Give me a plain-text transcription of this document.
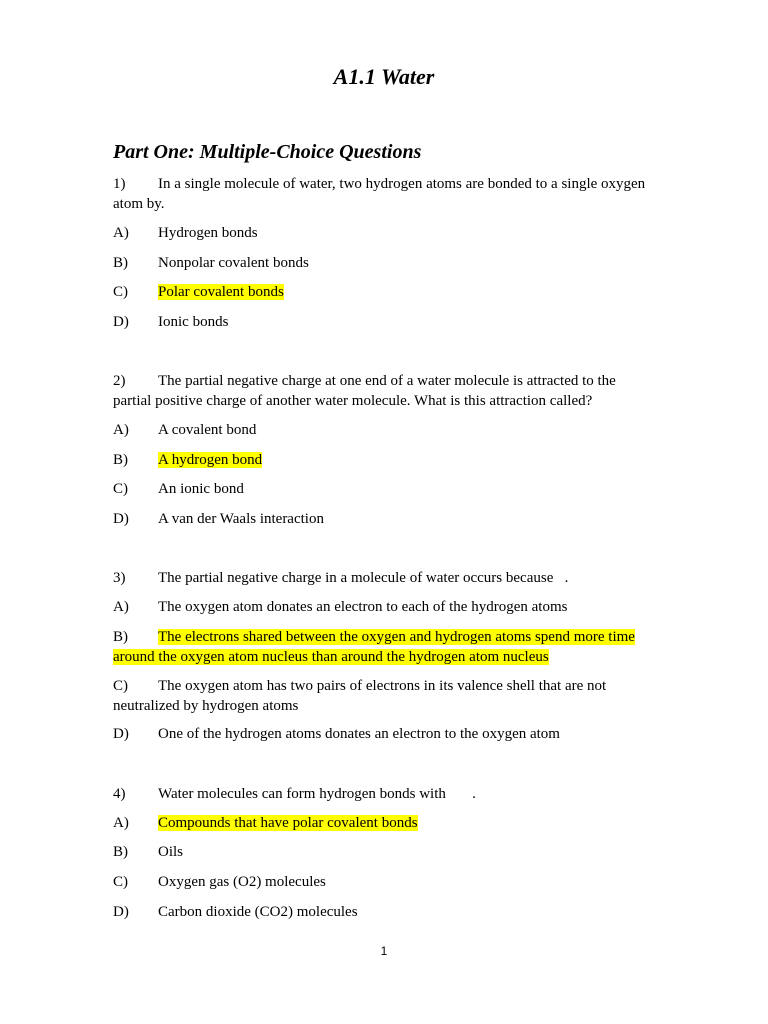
A1.1 Water
Part One: Multiple-Choice Questions
1) In a single molecule of water, two hydrogen atoms are bonded to a single oxygen atom by.
A) Hydrogen bonds
B) Nonpolar covalent bonds
C) Polar covalent bonds
D) Ionic bonds
2) The partial negative charge at one end of a water molecule is attracted to the partial positive charge of another water molecule. What is this attraction called?
A) A covalent bond
B) A hydrogen bond
C) An ionic bond
D) A van der Waals interaction
3) The partial negative charge in a molecule of water occurs because   .
A) The oxygen atom donates an electron to each of the hydrogen atoms
B) The electrons shared between the oxygen and hydrogen atoms spend more time around the oxygen atom nucleus than around the hydrogen atom nucleus
C) The oxygen atom has two pairs of electrons in its valence shell that are not neutralized by hydrogen atoms
D) One of the hydrogen atoms donates an electron to the oxygen atom
4) Water molecules can form hydrogen bonds with       .
A) Compounds that have polar covalent bonds
B) Oils
C) Oxygen gas (O2) molecules
D) Carbon dioxide (CO2) molecules
1
